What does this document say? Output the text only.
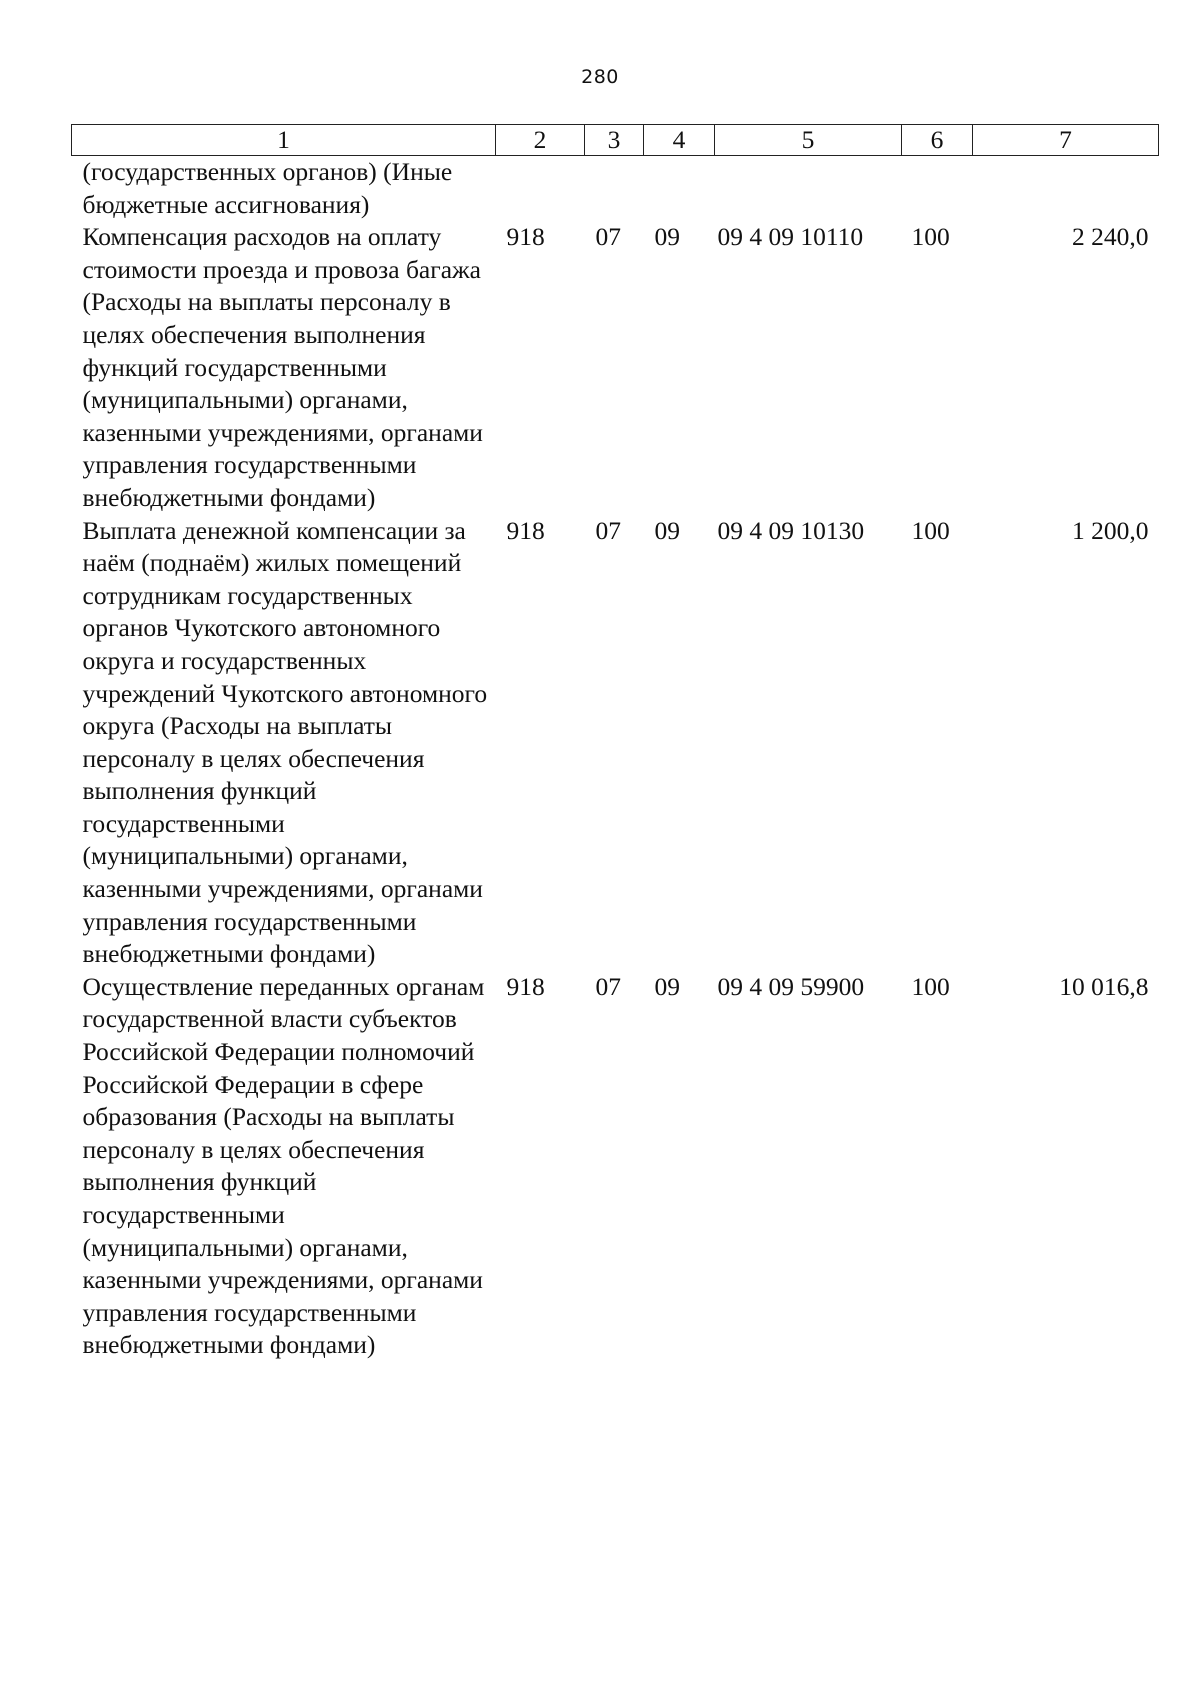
280
1	2	3	4	5	6	7
(государственных органов) (Иные бюджетные ассигнования)						
Компенсация расходов на оплату стоимости проезда и провоза багажа (Расходы на выплаты персоналу в целях обеспечения выполнения функций государственными (муниципальными) органами, казенными учреждениями, органами управления государственными внебюджетными фондами)	918	07	09	09 4 09 10110	100	2 240,0
Выплата денежной компенсации за наём (поднаём) жилых помещений сотрудникам государственных органов Чукотского автономного округа и государственных учреждений Чукотского автономного округа (Расходы на выплаты персоналу в целях обеспечения выполнения функций государственными (муниципальными) органами, казенными учреждениями, органами управления государственными внебюджетными фондами)	918	07	09	09 4 09 10130	100	1 200,0
Осуществление переданных органам государственной власти субъектов Российской Федерации полномочий Российской Федерации в сфере образования (Расходы на выплаты персоналу в целях обеспечения выполнения функций государственными (муниципальными) органами, казенными учреждениями, органами управления государственными внебюджетными фондами)	918	07	09	09 4 09 59900	100	10 016,8
